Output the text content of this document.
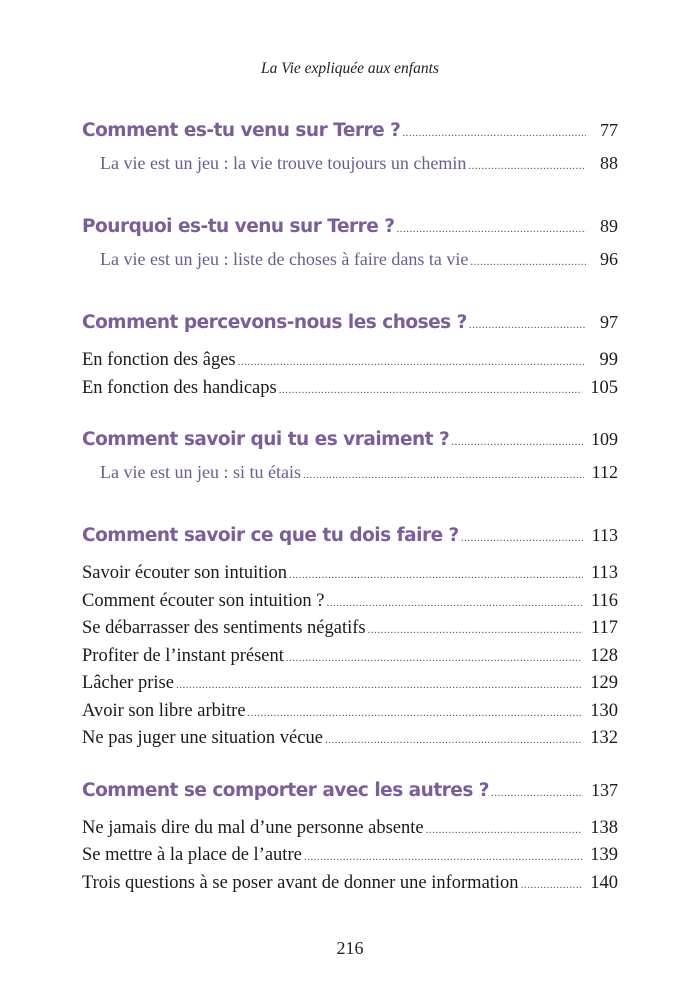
La Vie expliquée aux enfants
Comment es-tu venu sur Terre ? .....	77
La vie est un jeu : la vie trouve toujours un chemin .....	88
Pourquoi es-tu venu sur Terre ? .....	89
La vie est un jeu : liste de choses à faire dans ta vie .....	96
Comment percevons-nous les choses ? .....	97
En fonction des âges .....	99
En fonction des handicaps .....	105
Comment savoir qui tu es vraiment ? .....	109
La vie est un jeu : si tu étais .....	112
Comment savoir ce que tu dois faire ? .....	113
Savoir écouter son intuition .....	113
Comment écouter son intuition ? .....	116
Se débarrasser des sentiments négatifs .....	117
Profiter de l’instant présent .....	128
Lâcher prise .....	129
Avoir son libre arbitre .....	130
Ne pas juger une situation vécue .....	132
Comment se comporter avec les autres ? .....	137
Ne jamais dire du mal d’une personne absente .....	138
Se mettre à la place de l’autre .....	139
Trois questions à se poser avant de donner une information .....	140
216
